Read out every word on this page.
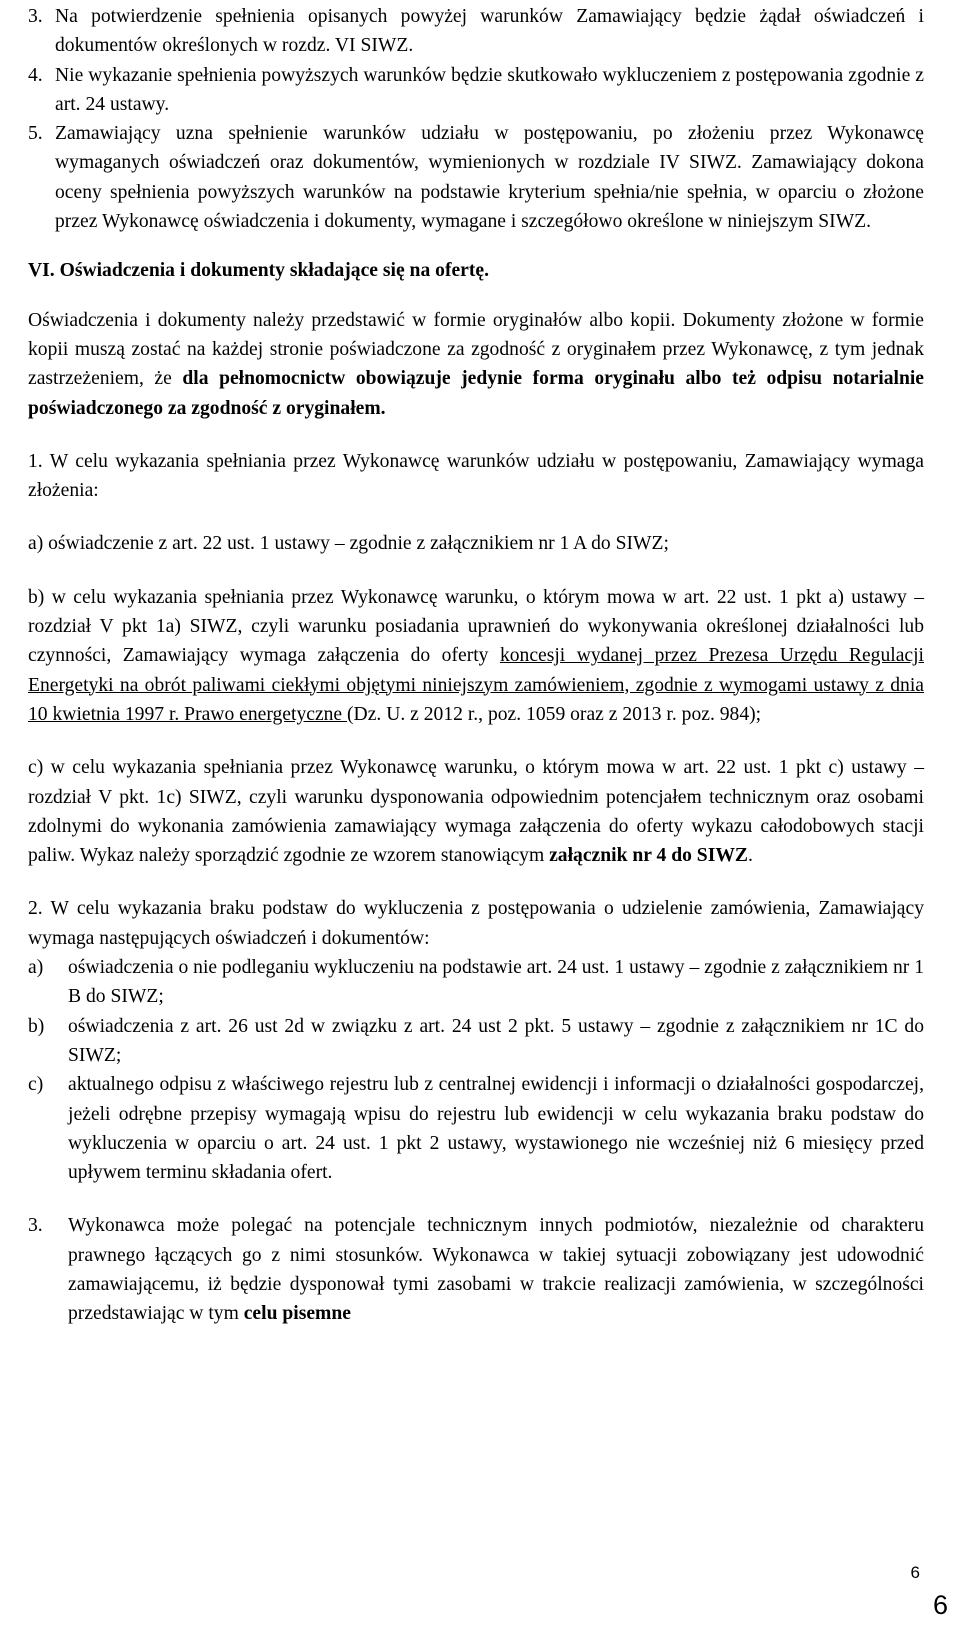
3. Na potwierdzenie spełnienia opisanych powyżej warunków Zamawiający będzie żądał oświadczeń i dokumentów określonych w rozdz. VI SIWZ.
4. Nie wykazanie spełnienia powyższych warunków będzie skutkowało wykluczeniem z postępowania zgodnie z art. 24 ustawy.
5. Zamawiający uzna spełnienie warunków udziału w postępowaniu, po złożeniu przez Wykonawcę wymaganych oświadczeń oraz dokumentów, wymienionych w rozdziale IV SIWZ. Zamawiający dokona oceny spełnienia powyższych warunków na podstawie kryterium spełnia/nie spełnia, w oparciu o złożone przez Wykonawcę oświadczenia i dokumenty, wymagane i szczegółowo określone w niniejszym SIWZ.

VI. Oświadczenia i dokumenty składające się na ofertę.

Oświadczenia i dokumenty należy przedstawić w formie oryginałów albo kopii. Dokumenty złożone w formie kopii muszą zostać na każdej stronie poświadczone za zgodność z oryginałem przez Wykonawcę, z tym jednak zastrzeżeniem, że dla pełnomocnictw obowiązuje jedynie forma oryginału albo też odpisu notarialnie poświadczonego za zgodność z oryginałem.

1. W celu wykazania spełniania przez Wykonawcę warunków udziału w postępowaniu, Zamawiający wymaga złożenia:

a) oświadczenie z art. 22 ust. 1 ustawy – zgodnie z załącznikiem nr 1 A do SIWZ;

b) w celu wykazania spełniania przez Wykonawcę warunku, o którym mowa w art. 22 ust. 1 pkt a) ustawy – rozdział V pkt 1a) SIWZ, czyli warunku posiadania uprawnień do wykonywania określonej działalności lub czynności, Zamawiający wymaga załączenia do oferty koncesji wydanej przez Prezesa Urzędu Regulacji Energetyki na obrót paliwami ciekłymi objętymi niniejszym zamówieniem, zgodnie z wymogami ustawy z dnia 10 kwietnia 1997 r. Prawo energetyczne (Dz. U. z 2012 r., poz. 1059 oraz z 2013 r. poz. 984);

c) w celu wykazania spełniania przez Wykonawcę warunku, o którym mowa w art. 22 ust. 1 pkt c) ustawy – rozdział V pkt. 1c) SIWZ, czyli warunku dysponowania odpowiednim potencjałem technicznym oraz osobami zdolnymi do wykonania zamówienia zamawiający wymaga załączenia do oferty wykazu całodobowych stacji paliw. Wykaz należy sporządzić zgodnie ze wzorem stanowiącym załącznik nr 4 do SIWZ.

2. W celu wykazania braku podstaw do wykluczenia z postępowania o udzielenie zamówienia, Zamawiający wymaga następujących oświadczeń i dokumentów:

a)	oświadczenia o nie podleganiu wykluczeniu na podstawie art. 24 ust. 1 ustawy – zgodnie z załącznikiem nr 1 B do SIWZ;
b)	oświadczenia z art. 26 ust 2d w związku z art. 24 ust 2 pkt. 5 ustawy – zgodnie z załącznikiem nr 1C do SIWZ;
c)	aktualnego odpisu z właściwego rejestru lub z centralnej ewidencji i informacji o działalności gospodarczej, jeżeli odrębne przepisy wymagają wpisu do rejestru lub ewidencji w celu wykazania braku podstaw do wykluczenia w oparciu o art. 24 ust. 1 pkt 2 ustawy, wystawionego nie wcześniej niż 6 miesięcy przed upływem terminu składania ofert.
3.	Wykonawca może polegać na potencjale technicznym innych podmiotów, niezależnie od charakteru prawnego łączących go z nimi stosunków. Wykonawca w takiej sytuacji zobowiązany jest udowodnić zamawiającemu, iż będzie dysponował tymi zasobami w trakcie realizacji zamówienia, w szczególności przedstawiając w tym celu pisemne
6
6
